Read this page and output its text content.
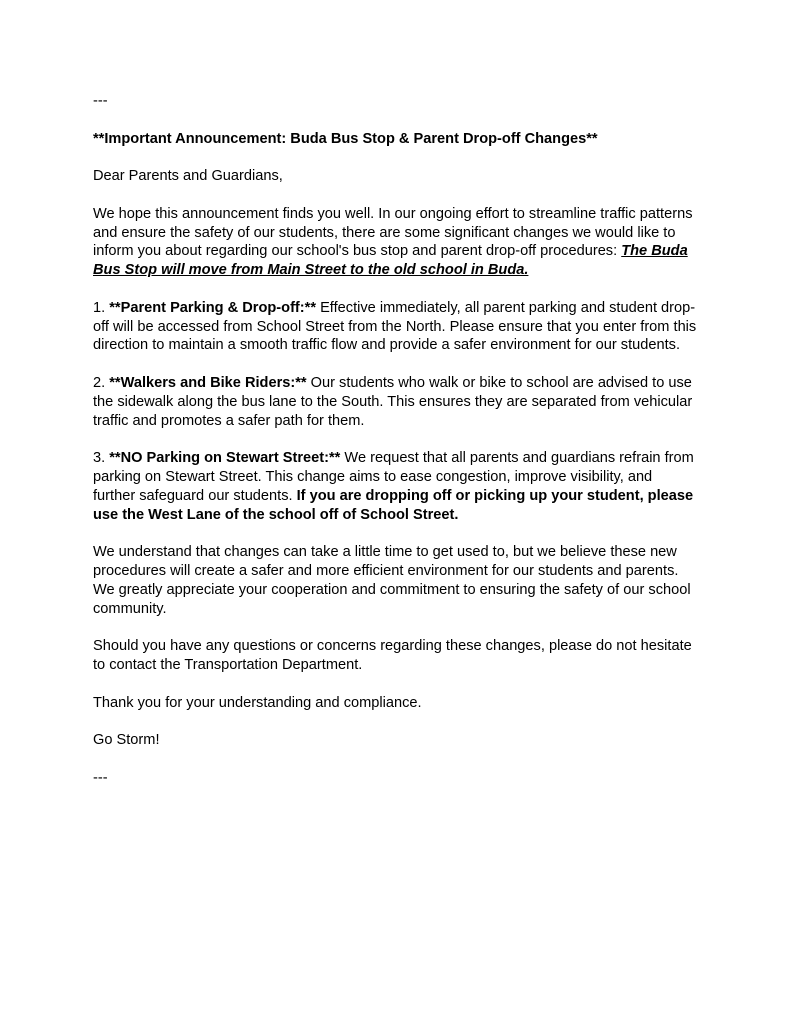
---

**Important Announcement: Buda Bus Stop & Parent Drop-off Changes**

Dear Parents and Guardians,

We hope this announcement finds you well. In our ongoing effort to streamline traffic patterns and ensure the safety of our students, there are some significant changes we would like to inform you about regarding our school's bus stop and parent drop-off procedures: The Buda Bus Stop will move from Main Street to the old school in Buda.

1. **Parent Parking & Drop-off:** Effective immediately, all parent parking and student drop-off will be accessed from School Street from the North. Please ensure that you enter from this direction to maintain a smooth traffic flow and provide a safer environment for our students.

2. **Walkers and Bike Riders:** Our students who walk or bike to school are advised to use the sidewalk along the bus lane to the South. This ensures they are separated from vehicular traffic and promotes a safer path for them.

3. **NO Parking on Stewart Street:** We request that all parents and guardians refrain from parking on Stewart Street. This change aims to ease congestion, improve visibility, and further safeguard our students. If you are dropping off or picking up your student, please use the West Lane of the school off of School Street.

We understand that changes can take a little time to get used to, but we believe these new procedures will create a safer and more efficient environment for our students and parents. We greatly appreciate your cooperation and commitment to ensuring the safety of our school community.

Should you have any questions or concerns regarding these changes, please do not hesitate to contact the Transportation Department.

Thank you for your understanding and compliance.

Go Storm!

---
